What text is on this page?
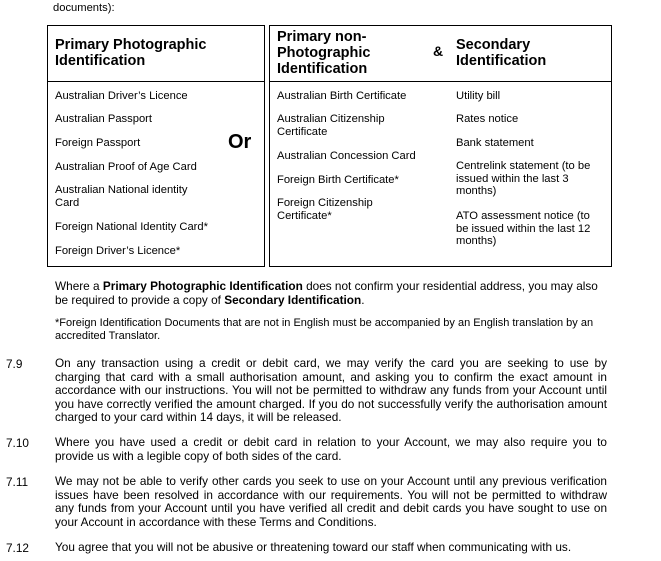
documents):
Primary Photographic Identification
Australian Driver’s Licence
Australian Passport
Foreign Passport
Australian Proof of Age Card
Australian National identity Card
Foreign National Identity Card*
Foreign Driver’s Licence*
Or
Primary non-Photographic Identification
& Secondary Identification
Australian Birth Certificate
Australian Citizenship Certificate
Australian Concession Card
Foreign Birth Certificate*
Foreign Citizenship Certificate*
Utility bill
Rates notice
Bank statement
Centrelink statement (to be issued within the last 3 months)
ATO assessment notice (to be issued within the last 12 months)
Where a Primary Photographic Identification does not confirm your residential address, you may also be required to provide a copy of Secondary Identification.
*Foreign Identification Documents that are not in English must be accompanied by an English translation by an accredited Translator.
7.9	On any transaction using a credit or debit card, we may verify the card you are seeking to use by charging that card with a small authorisation amount, and asking you to confirm the exact amount in accordance with our instructions. You will not be permitted to withdraw any funds from your Account until you have correctly verified the amount charged. If you do not successfully verify the authorisation amount charged to your card within 14 days, it will be released.
7.10 Where you have used a credit or debit card in relation to your Account, we may also require you to provide us with a legible copy of both sides of the card.
7.11 We may not be able to verify other cards you seek to use on your Account until any previous verification issues have been resolved in accordance with our requirements. You will not be permitted to withdraw any funds from your Account until you have verified all credit and debit cards you have sought to use on your Account in accordance with these Terms and Conditions.
7.12 You agree that you will not be abusive or threatening toward our staff when communicating with us.
